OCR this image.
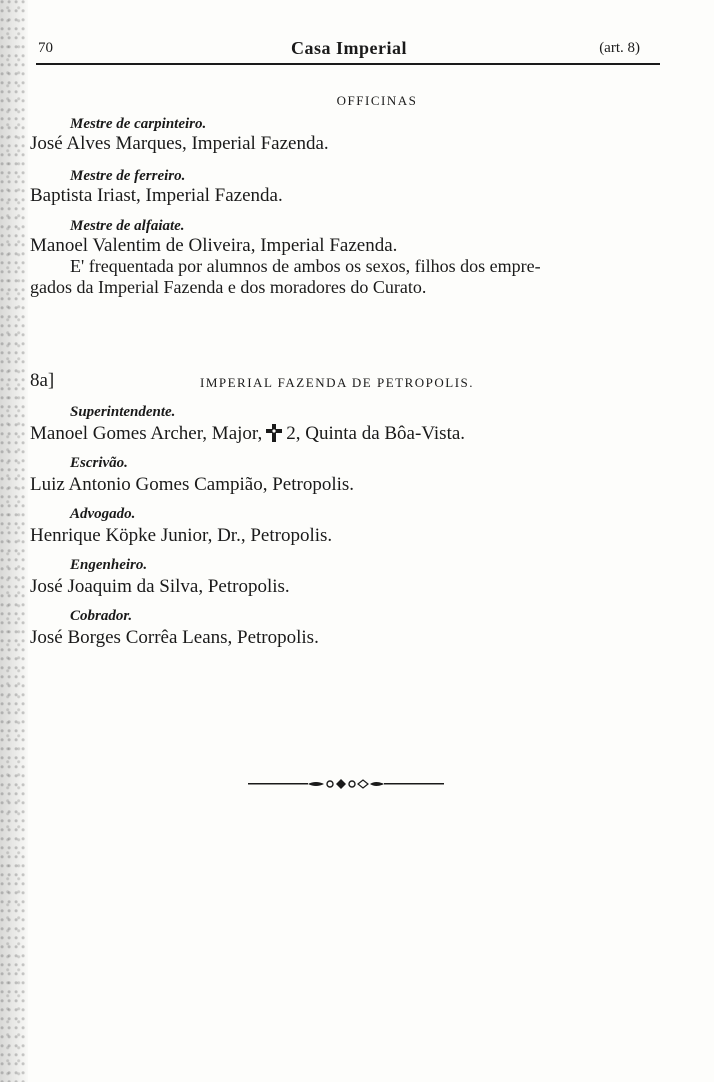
70	Casa Imperial	(art. 8)
OFFICINAS
Mestre de carpinteiro.
José Alves Marques, Imperial Fazenda.
Mestre de ferreiro.
Baptista Iriast, Imperial Fazenda.
Mestre de alfaiate.
Manoel Valentim de Oliveira, Imperial Fazenda.
E' frequentada por alumnos de ambos os sexos, filhos dos empre-
gados da Imperial Fazenda e dos moradores do Curato.
8a]	IMPERIAL FAZENDA DE PETROPOLIS.
Superintendente.
Manoel Gomes Archer, Major, 2, Quinta da Bôa-Vista.
Escrivão.
Luiz Antonio Gomes Campião, Petropolis.
Advogado.
Henrique Köpke Junior, Dr., Petropolis.
Engenheiro.
José Joaquim da Silva, Petropolis.
Cobrador.
José Borges Corrêa Leans, Petropolis.
